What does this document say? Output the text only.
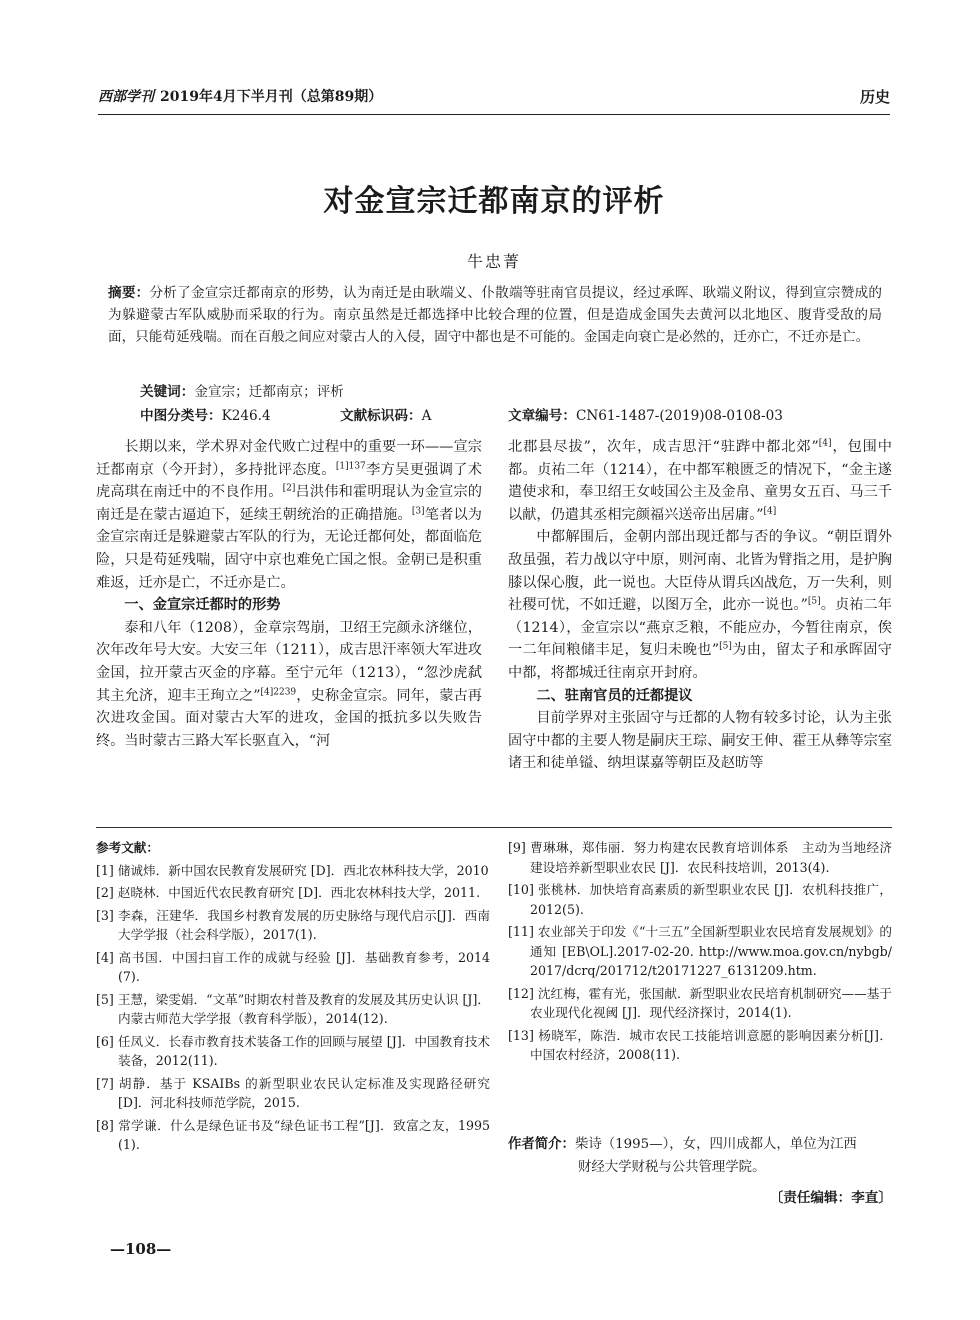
西部学刊 2019年4月下半月刊（总第89期）	历史
对金宣宗迁都南京的评析
牛忠菁
摘要：分析了金宣宗迁都南京的形势，认为南迁是由耿端义、仆散端等驻南官员提议，经过承晖、耿端义附议，得到宣宗赞成的为躲避蒙古军队威胁而采取的行为。南京虽然是迁都选择中比较合理的位置，但是造成金国失去黄河以北地区、腹背受敌的局面，只能苟延残喘。而在百般之间应对蒙古人的入侵，固守中都也是不可能的。金国走向衰亡是必然的，迁亦亡，不迁亦是亡。
关键词：金宣宗；迁都南京；评析
中图分类号：K246.4	文献标识码：A	文章编号：CN61-1487-(2019)08-0108-03

长期以来，学术界对金代败亡过程中的重要一环——宣宗迁都南京（今开封），多持批评态度。$^{[1]137}$李方吴更强调了术虎高琪在南迁中的不良作用。[2]吕洪伟和霍明琨认为金宣宗的南迁是在蒙古逼迫下，延续王朝统治的正确措施。[3]笔者以为金宣宗南迁是躲避蒙古军队的行为，无论迁都何处，都面临危险，只是苟延残喘，固守中京也难免亡国之恨。金朝已是积重难返，迁亦是亡，不迁亦是亡。

一、金宣宗迁都时的形势

泰和八年（1208），金章宗驾崩，卫绍王完颜永济继位，次年改年号大安。大安三年（1211），成吉思汗率领大军进攻金国，拉开蒙古灭金的序幕。至宁元年（1213），“忽沙虎弑其主允济，迎丰王珣立之”$^{[4]2239}$，史称金宣宗。同年，蒙古再次进攻金国。面对蒙古大军的进攻，金国的抵抗多以失败告终。当时蒙古三路大军长驱直入，“河

北郡县尽拔”，次年，成吉思汗“驻跸中都北郊”[4]，包围中都。贞祐二年（1214），在中都军粮匮乏的情况下，“金主遂遣使求和，奉卫绍王女岐国公主及金帛、童男女五百、马三千以献，仍遣其丞相完颜福兴送帝出居庸。”[4]

中都解围后，金朝内部出现迁都与否的争议。“朝臣谓外敌虽强，若力战以守中原，则河南、北皆为臂指之用，是护胸膝以保心腹，此一说也。大臣侍从谓兵凶战危，万一失利，则社稷可忧，不如迁避，以图万全，此亦一说也。”[5]。贞祐二年（1214），金宣宗以“燕京乏粮，不能应办，今暂往南京，俟一二年间粮储丰足，复归未晚也”[5]为由，留太子和承晖固守中都，将都城迁往南京开封府。

二、驻南官员的迁都提议

目前学界对主张固守与迁都的人物有较多讨论，认为主张固守中都的主要人物是嗣庆王琮、嗣安王伸、霍王从彝等宗室诸王和徒单镒、纳坦谋嘉等朝臣及赵昉等

参考文献：
[1] 储诚炜．新中国农民教育发展研究 [D]．西北农林科技大学，2010
[2] 赵晓林．中国近代农民教育研究 [D]．西北农林科技大学，2011.
[3] 李森，汪建华．我国乡村教育发展的历史脉络与现代启示[J]．西南大学学报（社会科学版），2017(1).
[4] 高书国．中国扫盲工作的成就与经验 [J]．基础教育参考，2014(7).
[5] 王慧，梁雯娟．“文革”时期农村普及教育的发展及其历史认识 [J]．内蒙古师范大学学报（教育科学版），2014(12).
[6] 任凤义．长春市教育技术装备工作的回顾与展望 [J]．中国教育技术装备，2012(11).
[7] 胡静．基于 KSAIBs 的新型职业农民认定标准及实现路径研究 [D]．河北科技师范学院，2015.
[8] 常学谦．什么是绿色证书及“绿色证书工程”[J]．致富之友，1995(1).
[9] 曹琳琳，郑伟丽．努力构建农民教育培训体系　主动为当地经济建设培养新型职业农民 [J]．农民科技培训，2013(4).
[10] 张桃林．加快培育高素质的新型职业农民 [J]．农机科技推广，2012(5).
[11] 农业部关于印发《“十三五”全国新型职业农民培育发展规划》的通知 [EB\OL].2017-02-20. http://www.moa.gov.cn/nybgb/2017/dcrq/201712/t20171227_6131209.htm.
[12] 沈红梅，霍有光，张国献．新型职业农民培育机制研究——基于农业现代化视阈 [J]．现代经济探讨，2014(1).
[13] 杨晓军，陈浩．城市农民工技能培训意愿的影响因素分析[J]．中国农村经济，2008(11).
作者简介：柴诗（1995—），女，四川成都人，单位为江西
财经大学财税与公共管理学院。
〔责任编辑：李直〕
—108—
